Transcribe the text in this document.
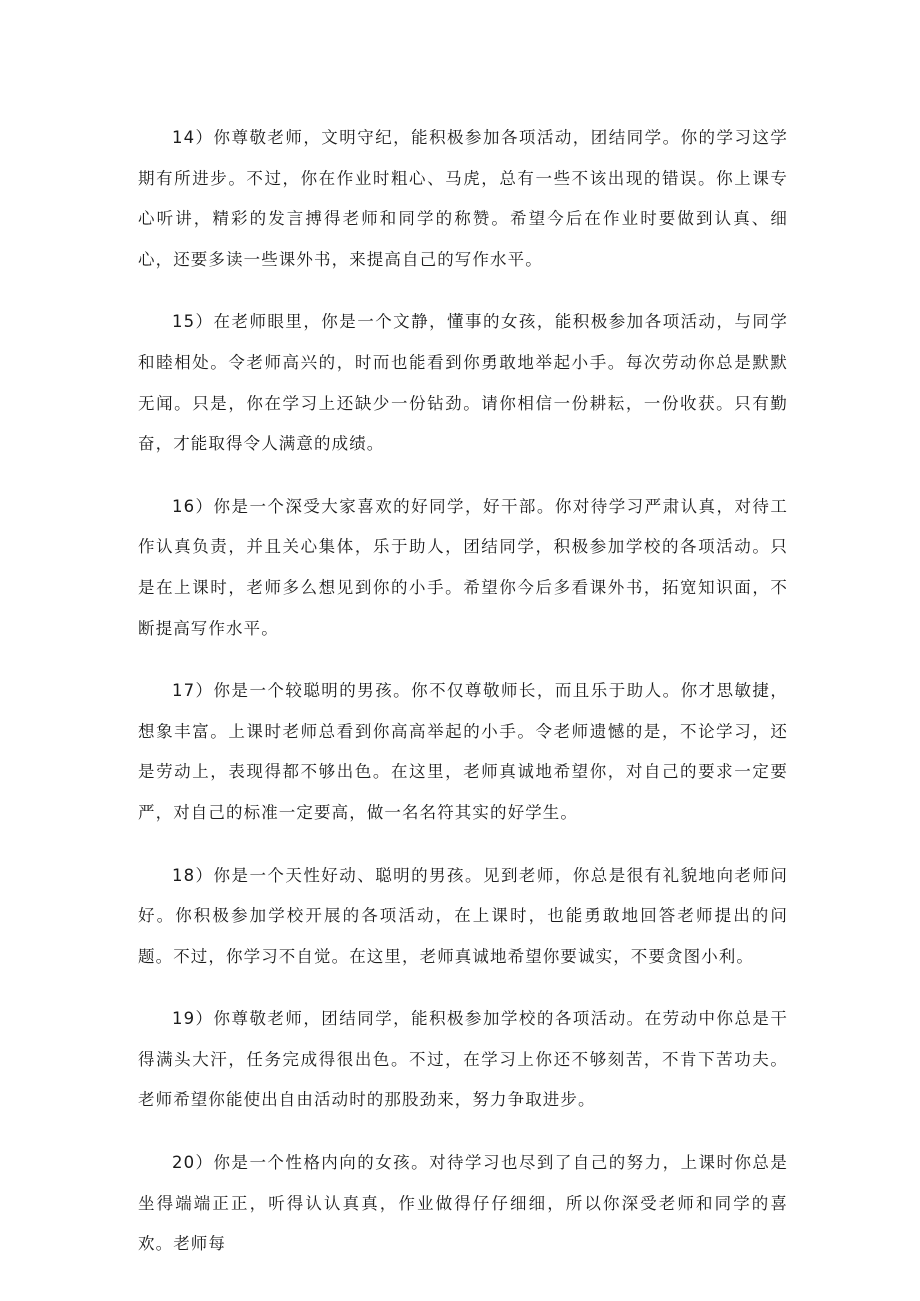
14）你尊敬老师，文明守纪，能积极参加各项活动，团结同学。你的学习这学期有所进步。不过，你在作业时粗心、马虎，总有一些不该出现的错误。你上课专心听讲，精彩的发言搏得老师和同学的称赞。希望今后在作业时要做到认真、细心，还要多读一些课外书，来提高自己的写作水平。

15）在老师眼里，你是一个文静，懂事的女孩，能积极参加各项活动，与同学和睦相处。令老师高兴的，时而也能看到你勇敢地举起小手。每次劳动你总是默默无闻。只是，你在学习上还缺少一份钻劲。请你相信一份耕耘，一份收获。只有勤奋，才能取得令人满意的成绩。

16）你是一个深受大家喜欢的好同学，好干部。你对待学习严肃认真，对待工作认真负责，并且关心集体，乐于助人，团结同学，积极参加学校的各项活动。只是在上课时，老师多么想见到你的小手。希望你今后多看课外书，拓宽知识面，不断提高写作水平。

17）你是一个较聪明的男孩。你不仅尊敬师长，而且乐于助人。你才思敏捷，想象丰富。上课时老师总看到你高高举起的小手。令老师遗憾的是，不论学习，还是劳动上，表现得都不够出色。在这里，老师真诚地希望你，对自己的要求一定要严，对自己的标准一定要高，做一名名符其实的好学生。

18）你是一个天性好动、聪明的男孩。见到老师，你总是很有礼貌地向老师问好。你积极参加学校开展的各项活动，在上课时，也能勇敢地回答老师提出的问题。不过，你学习不自觉。在这里，老师真诚地希望你要诚实，不要贪图小利。

19）你尊敬老师，团结同学，能积极参加学校的各项活动。在劳动中你总是干得满头大汗，任务完成得很出色。不过，在学习上你还不够刻苦，不肯下苦功夫。老师希望你能使出自由活动时的那股劲来，努力争取进步。

20）你是一个性格内向的女孩。对待学习也尽到了自己的努力，上课时你总是坐得端端正正，听得认认真真，作业做得仔仔细细，所以你深受老师和同学的喜欢。老师每
